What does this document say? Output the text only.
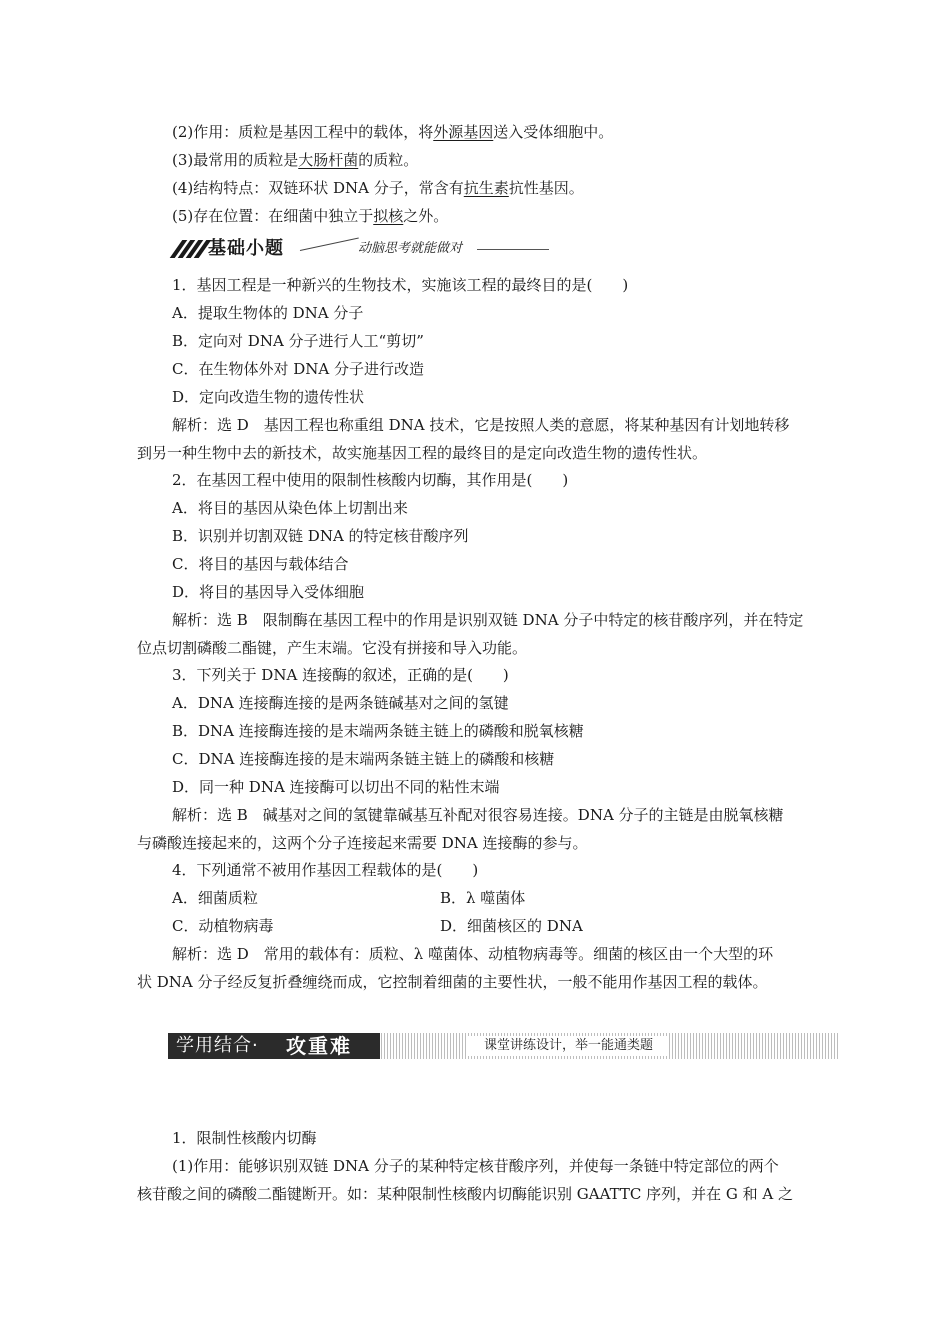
(2)作用：质粒是基因工程中的载体，将外源基因送入受体细胞中。
(3)最常用的质粒是大肠杆菌的质粒。
(4)结构特点：双链环状 DNA 分子，常含有抗生素抗性基因。
(5)存在位置：在细菌中独立于拟核之外。
基础小题	动脑思考就能做对
1．基因工程是一种新兴的生物技术，实施该工程的最终目的是(　　)
A．提取生物体的 DNA 分子
B．定向对 DNA 分子进行人工“剪切”
C．在生物体外对 DNA 分子进行改造
D．定向改造生物的遗传性状
解析：选 D　基因工程也称重组 DNA 技术，它是按照人类的意愿，将某种基因有计划地转移
到另一种生物中去的新技术，故实施基因工程的最终目的是定向改造生物的遗传性状。
2．在基因工程中使用的限制性核酸内切酶，其作用是(　　)
A．将目的基因从染色体上切割出来
B．识别并切割双链 DNA 的特定核苷酸序列
C．将目的基因与载体结合
D．将目的基因导入受体细胞
解析：选 B　限制酶在基因工程中的作用是识别双链 DNA 分子中特定的核苷酸序列，并在特定
位点切割磷酸二酯键，产生末端。它没有拼接和导入功能。
3．下列关于 DNA 连接酶的叙述，正确的是(　　)
A．DNA 连接酶连接的是两条链碱基对之间的氢键
B．DNA 连接酶连接的是末端两条链主链上的磷酸和脱氧核糖
C．DNA 连接酶连接的是末端两条链主链上的磷酸和核糖
D．同一种 DNA 连接酶可以切出不同的粘性末端
解析：选 B　碱基对之间的氢键靠碱基互补配对很容易连接。DNA 分子的主链是由脱氧核糖
与磷酸连接起来的，这两个分子连接起来需要 DNA 连接酶的参与。
4．下列通常不被用作基因工程载体的是(　　)
A．细菌质粒	B．λ 噬菌体
C．动植物病毒	D．细菌核区的 DNA
解析：选 D　常用的载体有：质粒、λ 噬菌体、动植物病毒等。细菌的核区由一个大型的环
状 DNA 分子经反复折叠缠绕而成，它控制着细菌的主要性状，一般不能用作基因工程的载体。
学用结合· 攻重难	课堂讲练设计，举一能通类题
1．限制性核酸内切酶
(1)作用：能够识别双链 DNA 分子的某种特定核苷酸序列，并使每一条链中特定部位的两个
核苷酸之间的磷酸二酯键断开。如：某种限制性核酸内切酶能识别 GAATTC 序列，并在 G 和 A 之
